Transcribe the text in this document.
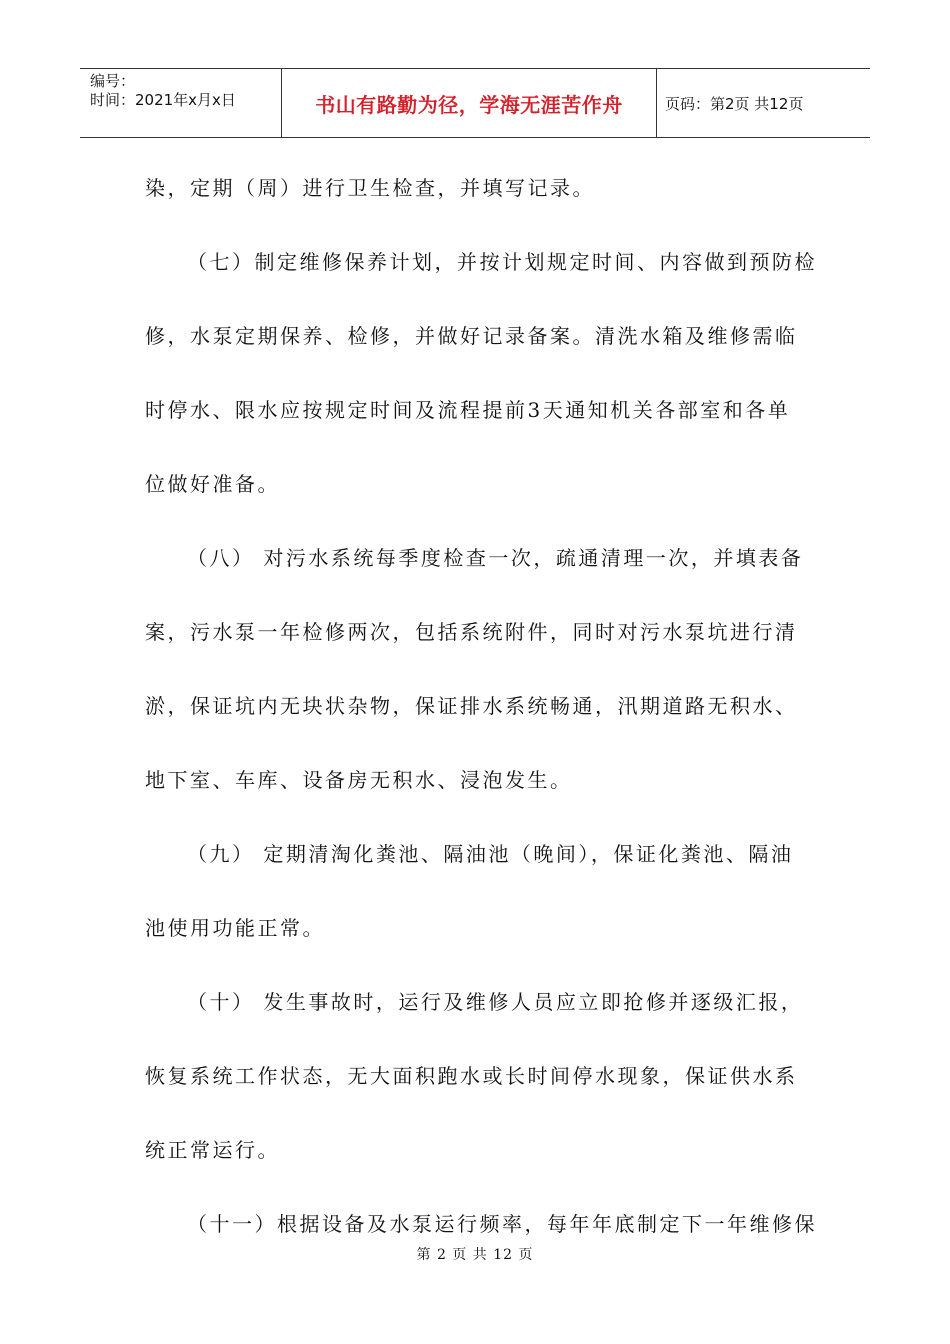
编号：
时间：2021年x月x日	书山有路勤为径，学海无涯苦作舟	页码：第2页 共12页
染，定期（周）进行卫生检查，并填写记录。
（七）制定维修保养计划，并按计划规定时间、内容做到预防检
修，水泵定期保养、检修，并做好记录备案。清洗水箱及维修需临
时停水、限水应按规定时间及流程提前3天通知机关各部室和各单
位做好准备。
（八） 对污水系统每季度检查一次，疏通清理一次，并填表备
案，污水泵一年检修两次，包括系统附件，同时对污水泵坑进行清
淤，保证坑内无块状杂物，保证排水系统畅通，汛期道路无积水、
地下室、车库、设备房无积水、浸泡发生。
（九） 定期清淘化粪池、隔油池（晚间），保证化粪池、隔油
池使用功能正常。
（十） 发生事故时，运行及维修人员应立即抢修并逐级汇报，
恢复系统工作状态，无大面积跑水或长时间停水现象，保证供水系
统正常运行。
（十一）根据设备及水泵运行频率，每年年底制定下一年维修保
第 2 页 共 12 页
